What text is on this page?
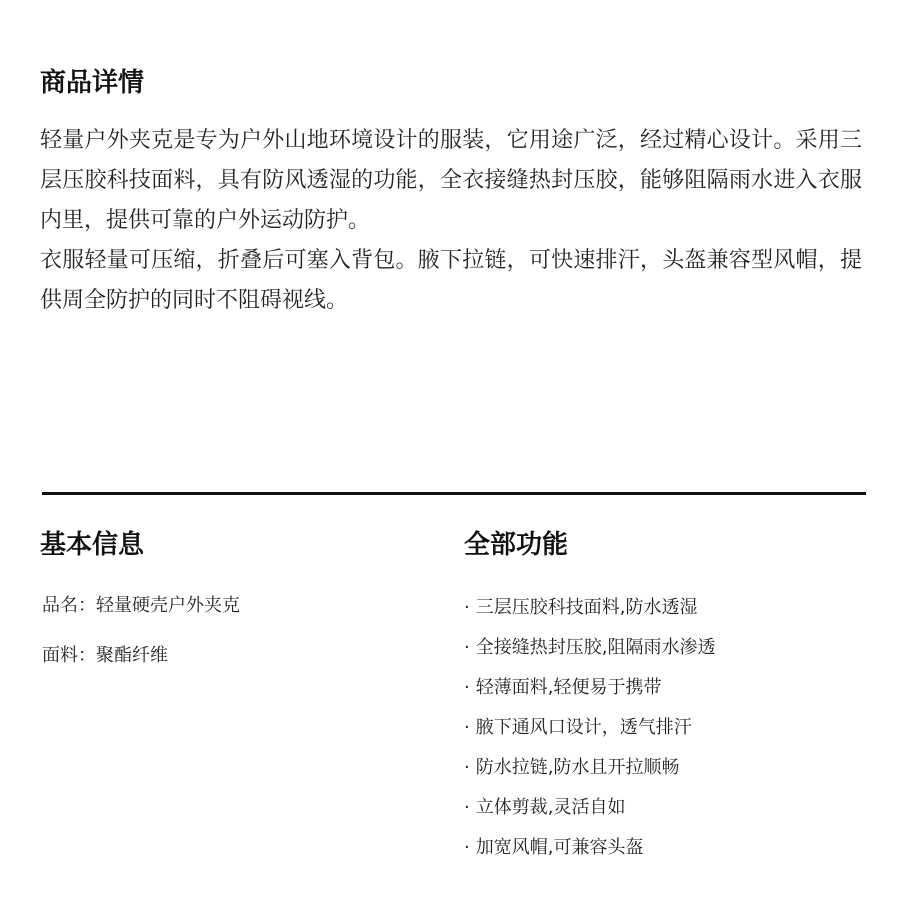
商品详情

轻量户外夹克是专为户外山地环境设计的服装，它用途广泛，经过精心设计。采用三层压胶科技面料，具有防风透湿的功能，全衣接缝热封压胶，能够阻隔雨水进入衣服内里，提供可靠的户外运动防护。

衣服轻量可压缩，折叠后可塞入背包。腋下拉链，可快速排汗，头盔兼容型风帽，提供周全防护的同时不阻碍视线。

基本信息
品名：轻量硬壳户外夹克
面料：聚酯纤维
全部功能
· 三层压胶科技面料,防水透湿
· 全接缝热封压胶,阻隔雨水渗透
· 轻薄面料,轻便易于携带
· 腋下通风口设计，透气排汗
· 防水拉链,防水且开拉顺畅
· 立体剪裁,灵活自如
· 加宽风帽,可兼容头盔
